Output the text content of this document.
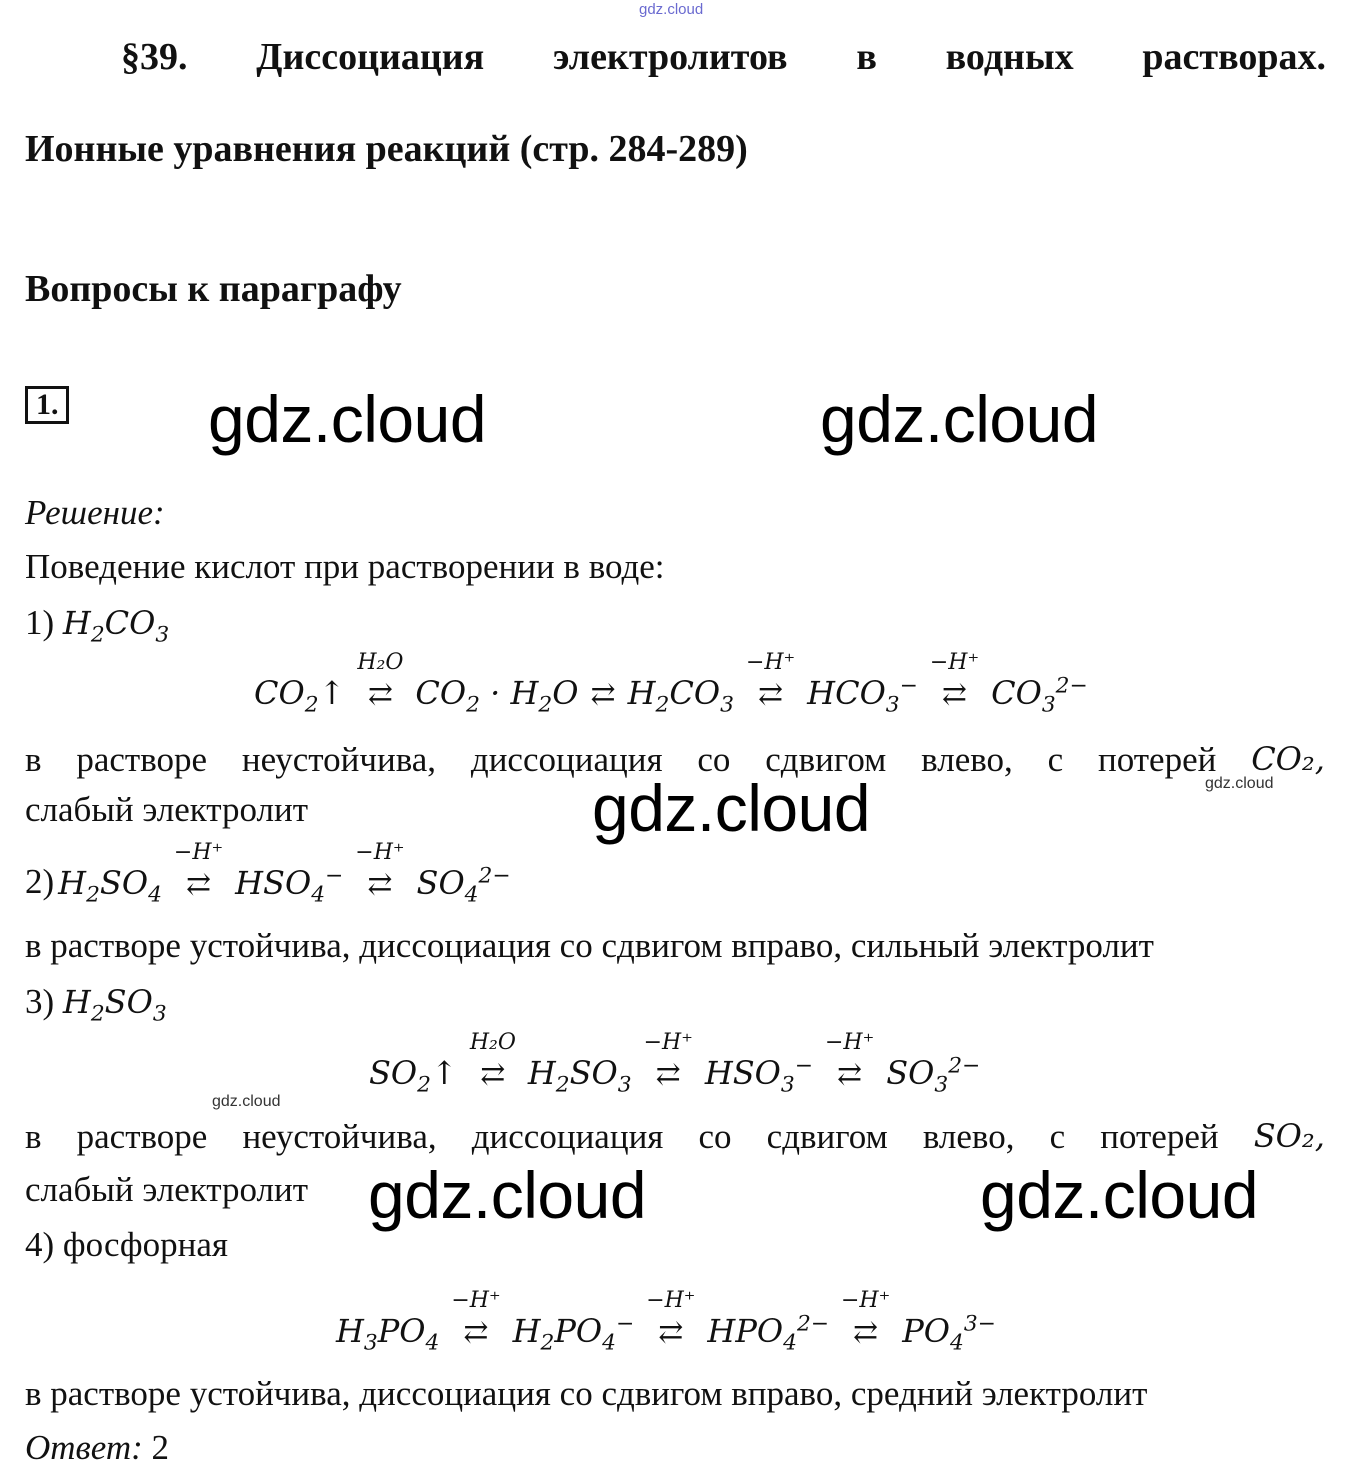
gdz.cloud
§39. Диссоциация электролитов в водных растворах.
Ионные уравнения реакций (стр. 284-289)
Вопросы к параграфу
1. gdz.cloud	gdz.cloud
Решение:
Поведение кислот при растворении в воде:
1) $H_2CO_3$
$CO_2↑$
H₂O
⇄ $CO_2 \cdot H_2O$ ⇄ $H_2CO_3$
−H⁺
⇄ $HCO_3^-$
−H⁺
⇄ $CO_3^{2-}$
в растворе неустойчива, диссоциация со сдвигом влево, с потерей CO₂,
gdz.cloud
слабый электролит	gdz.cloud
2) $H_2SO_4$
−H⁺
⇄ $HSO_4^-$
−H⁺
⇄ $SO_4^{2-}$
в растворе устойчива, диссоциация со сдвигом вправо, сильный электролит
3) $H_2SO_3$
$SO_2↑$
H₂O
⇄ $H_2SO_3$
−H⁺
⇄ $HSO_3^-$
−H⁺
⇄ $SO_3^{2-}$
в растворе неустойчива, диссоциация со сдвигом влево, с потерей SO₂,
слабый электролит
gdz.cloud
gdz.cloud	gdz.cloud
4) фосфорная
$H_3PO_4$
−H⁺
⇄ $H_2PO_4^-$
−H⁺
⇄ $HPO_4^{2-}$
−H⁺
⇄ $PO_4^{3-}$
в растворе устойчива, диссоциация со сдвигом вправо, средний электролит
Ответ: 2
